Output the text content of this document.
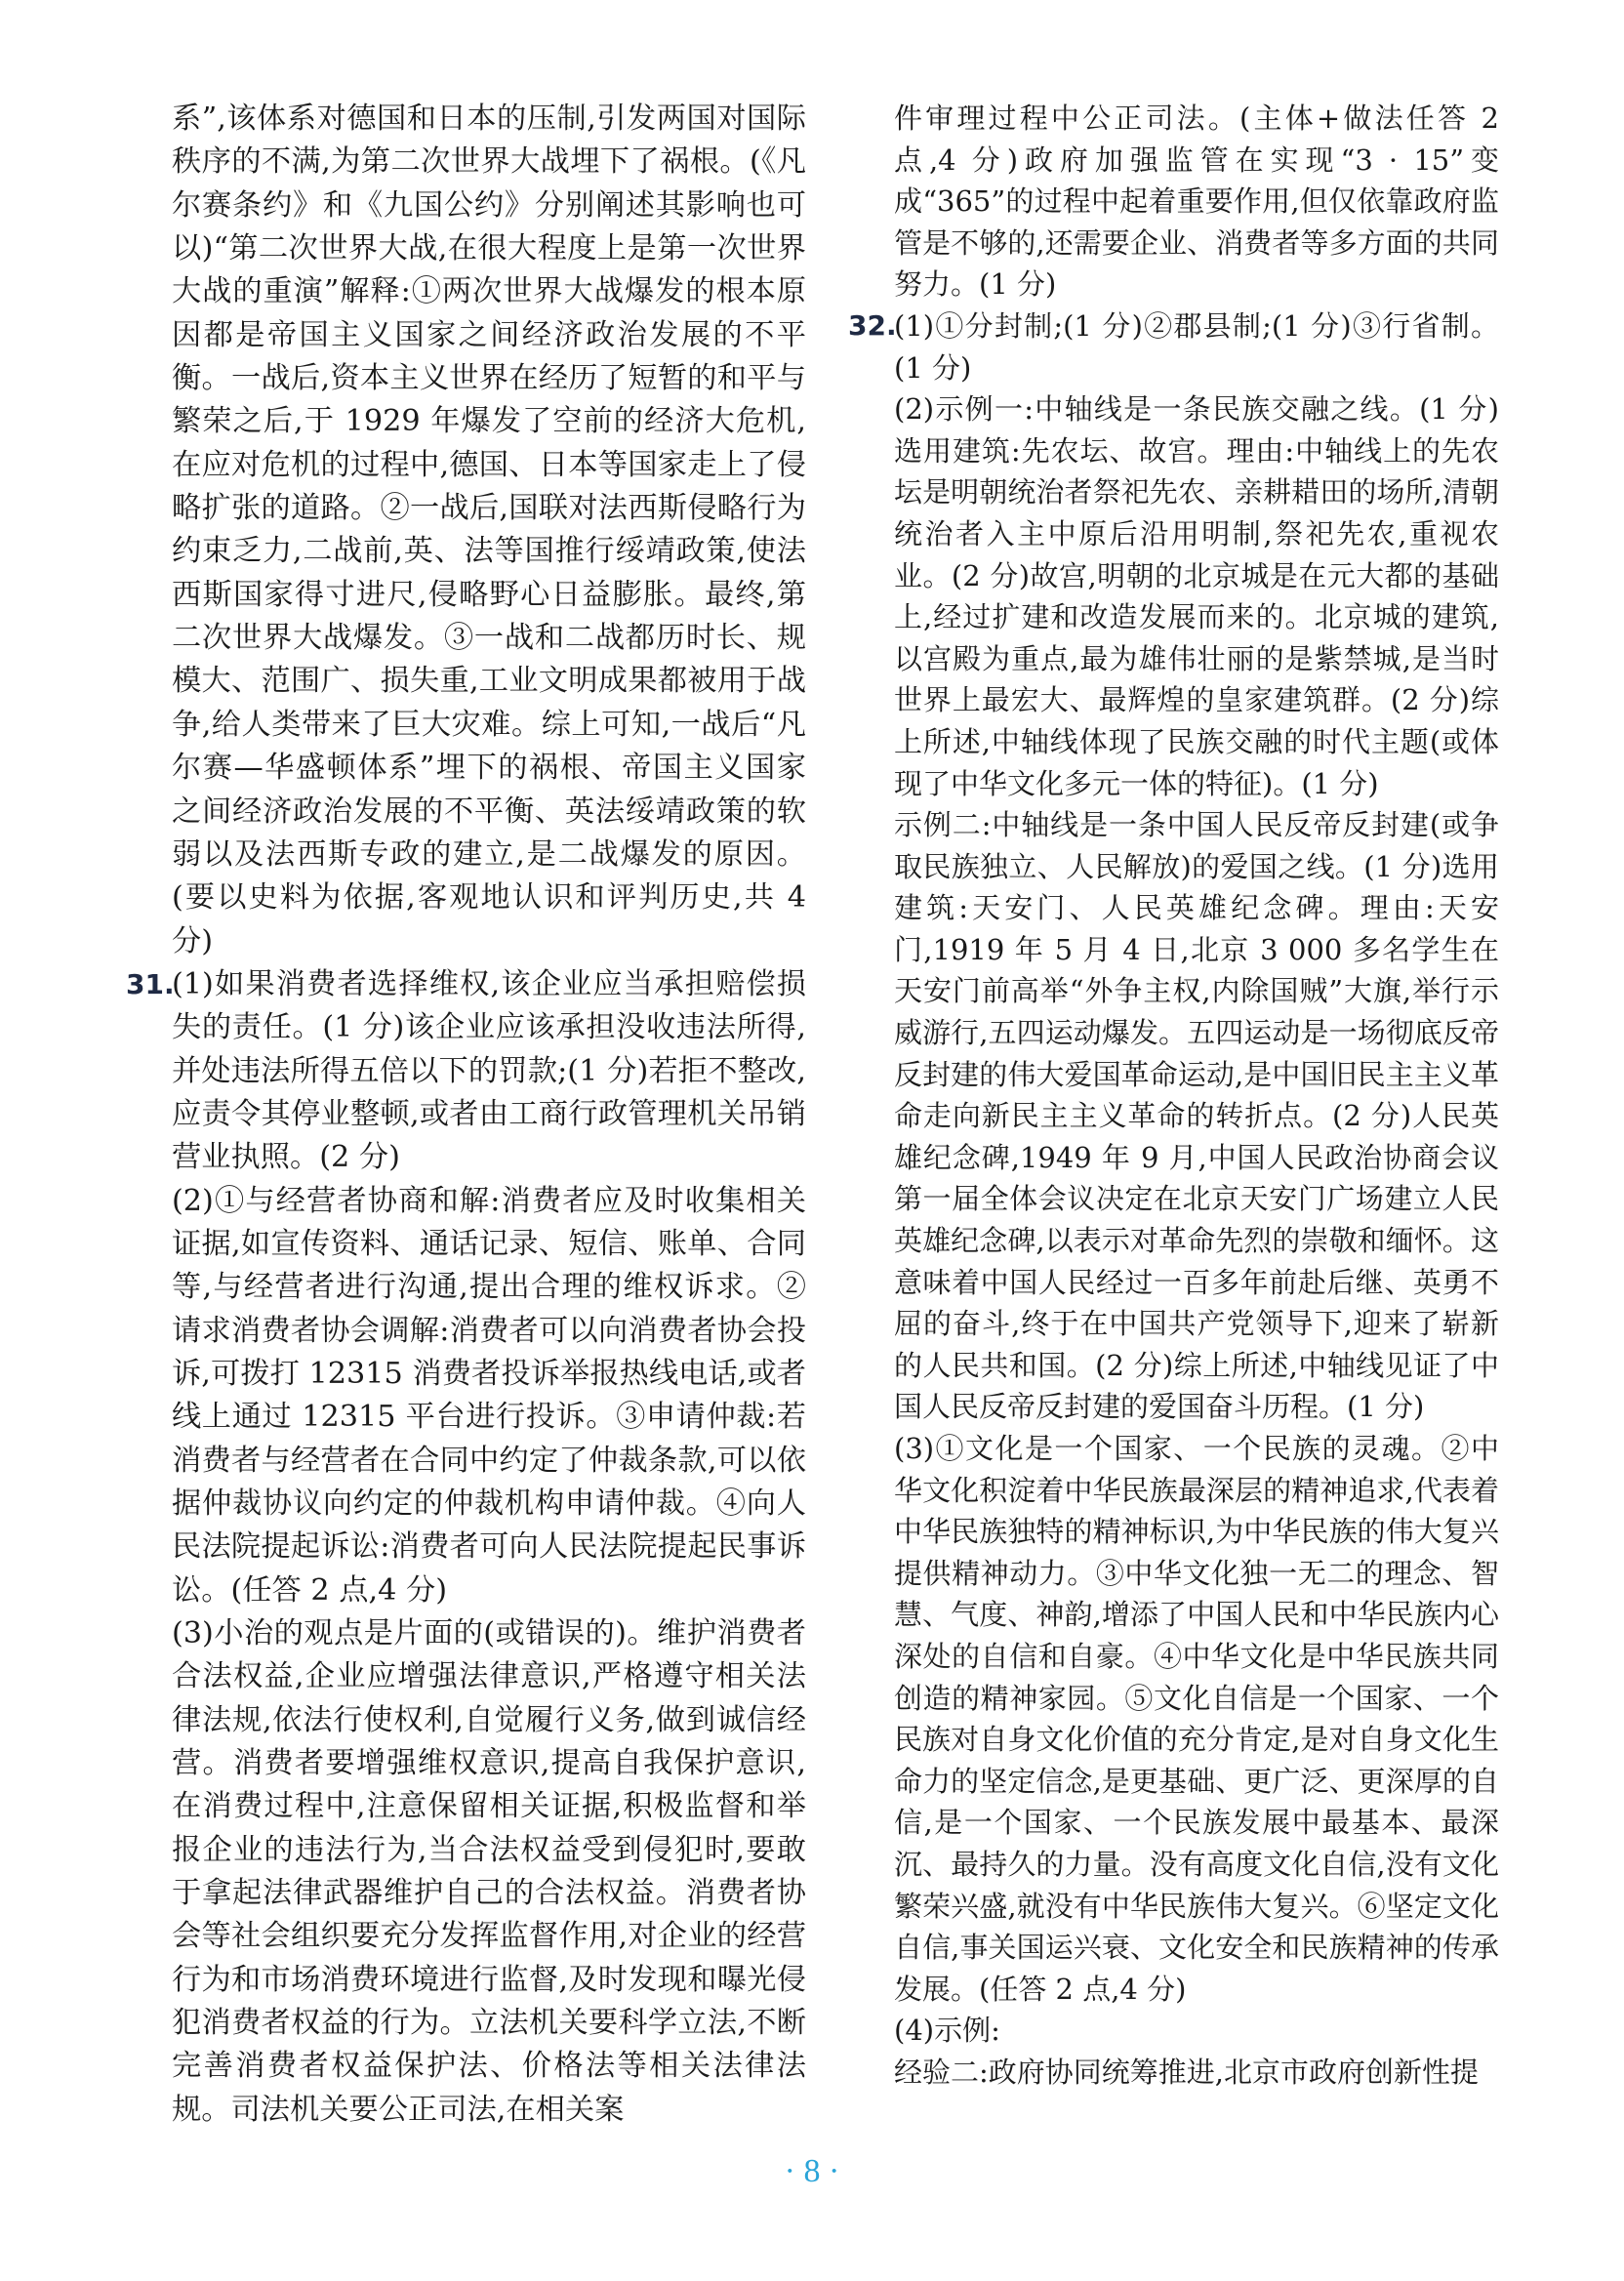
系”,该体系对德国和日本的压制,引发两国对国际秩序的不满,为第二次世界大战埋下了祸根。(《凡尔赛条约》和《九国公约》分别阐述其影响也可以)“第二次世界大战,在很大程度上是第一次世界大战的重演”解释:①两次世界大战爆发的根本原因都是帝国主义国家之间经济政治发展的不平衡。一战后,资本主义世界在经历了短暂的和平与繁荣之后,于 1929 年爆发了空前的经济大危机,在应对危机的过程中,德国、日本等国家走上了侵略扩张的道路。②一战后,国联对法西斯侵略行为约束乏力,二战前,英、法等国推行绥靖政策,使法西斯国家得寸进尺,侵略野心日益膨胀。最终,第二次世界大战爆发。③一战和二战都历时长、规模大、范围广、损失重,工业文明成果都被用于战争,给人类带来了巨大灾难。综上可知,一战后“凡尔赛—华盛顿体系”埋下的祸根、帝国主义国家之间经济政治发展的不平衡、英法绥靖政策的软弱以及法西斯专政的建立,是二战爆发的原因。(要以史料为依据,客观地认识和评判历史,共 4 分)

31.

(1)如果消费者选择维权,该企业应当承担赔偿损失的责任。(1 分)该企业应该承担没收违法所得,并处违法所得五倍以下的罚款;(1 分)若拒不整改,应责令其停业整顿,或者由工商行政管理机关吊销营业执照。(2 分)

(2)①与经营者协商和解:消费者应及时收集相关证据,如宣传资料、通话记录、短信、账单、合同等,与经营者进行沟通,提出合理的维权诉求。②请求消费者协会调解:消费者可以向消费者协会投诉,可拨打 12315 消费者投诉举报热线电话,或者线上通过 12315 平台进行投诉。③申请仲裁:若消费者与经营者在合同中约定了仲裁条款,可以依据仲裁协议向约定的仲裁机构申请仲裁。④向人民法院提起诉讼:消费者可向人民法院提起民事诉讼。(任答 2 点,4 分)

(3)小治的观点是片面的(或错误的)。维护消费者合法权益,企业应增强法律意识,严格遵守相关法律法规,依法行使权利,自觉履行义务,做到诚信经营。消费者要增强维权意识,提高自我保护意识,在消费过程中,注意保留相关证据,积极监督和举报企业的违法行为,当合法权益受到侵犯时,要敢于拿起法律武器维护自己的合法权益。消费者协会等社会组织要充分发挥监督作用,对企业的经营行为和市场消费环境进行监督,及时发现和曝光侵犯消费者权益的行为。立法机关要科学立法,不断完善消费者权益保护法、价格法等相关法律法规。司法机关要公正司法,在相关案

件审理过程中公正司法。(主体+做法任答 2 点,4 分)政府加强监管在实现“3 · 15”变成“365”的过程中起着重要作用,但仅依靠政府监管是不够的,还需要企业、消费者等多方面的共同努力。(1 分)

32.

(1)①分封制;(1 分)②郡县制;(1 分)③行省制。(1 分)

(2)示例一:中轴线是一条民族交融之线。(1 分)选用建筑:先农坛、故宫。理由:中轴线上的先农坛是明朝统治者祭祀先农、亲耕耤田的场所,清朝统治者入主中原后沿用明制,祭祀先农,重视农业。(2 分)故宫,明朝的北京城是在元大都的基础上,经过扩建和改造发展而来的。北京城的建筑,以宫殿为重点,最为雄伟壮丽的是紫禁城,是当时世界上最宏大、最辉煌的皇家建筑群。(2 分)综上所述,中轴线体现了民族交融的时代主题(或体现了中华文化多元一体的特征)。(1 分)

示例二:中轴线是一条中国人民反帝反封建(或争取民族独立、人民解放)的爱国之线。(1 分)选用建筑:天安门、人民英雄纪念碑。理由:天安门,1919 年 5 月 4 日,北京 3 000 多名学生在天安门前高举“外争主权,内除国贼”大旗,举行示威游行,五四运动爆发。五四运动是一场彻底反帝反封建的伟大爱国革命运动,是中国旧民主主义革命走向新民主主义革命的转折点。(2 分)人民英雄纪念碑,1949 年 9 月,中国人民政治协商会议第一届全体会议决定在北京天安门广场建立人民英雄纪念碑,以表示对革命先烈的崇敬和缅怀。这意味着中国人民经过一百多年前赴后继、英勇不屈的奋斗,终于在中国共产党领导下,迎来了崭新的人民共和国。(2 分)综上所述,中轴线见证了中国人民反帝反封建的爱国奋斗历程。(1 分)

(3)①文化是一个国家、一个民族的灵魂。②中华文化积淀着中华民族最深层的精神追求,代表着中华民族独特的精神标识,为中华民族的伟大复兴提供精神动力。③中华文化独一无二的理念、智慧、气度、神韵,增添了中国人民和中华民族内心深处的自信和自豪。④中华文化是中华民族共同创造的精神家园。⑤文化自信是一个国家、一个民族对自身文化价值的充分肯定,是对自身文化生命力的坚定信念,是更基础、更广泛、更深厚的自信,是一个国家、一个民族发展中最基本、最深沉、最持久的力量。没有高度文化自信,没有文化繁荣兴盛,就没有中华民族伟大复兴。⑥坚定文化自信,事关国运兴衰、文化安全和民族精神的传承发展。(任答 2 点,4 分)

(4)示例:

经验二:政府协同统筹推进,北京市政府创新性提

· 8 ·
